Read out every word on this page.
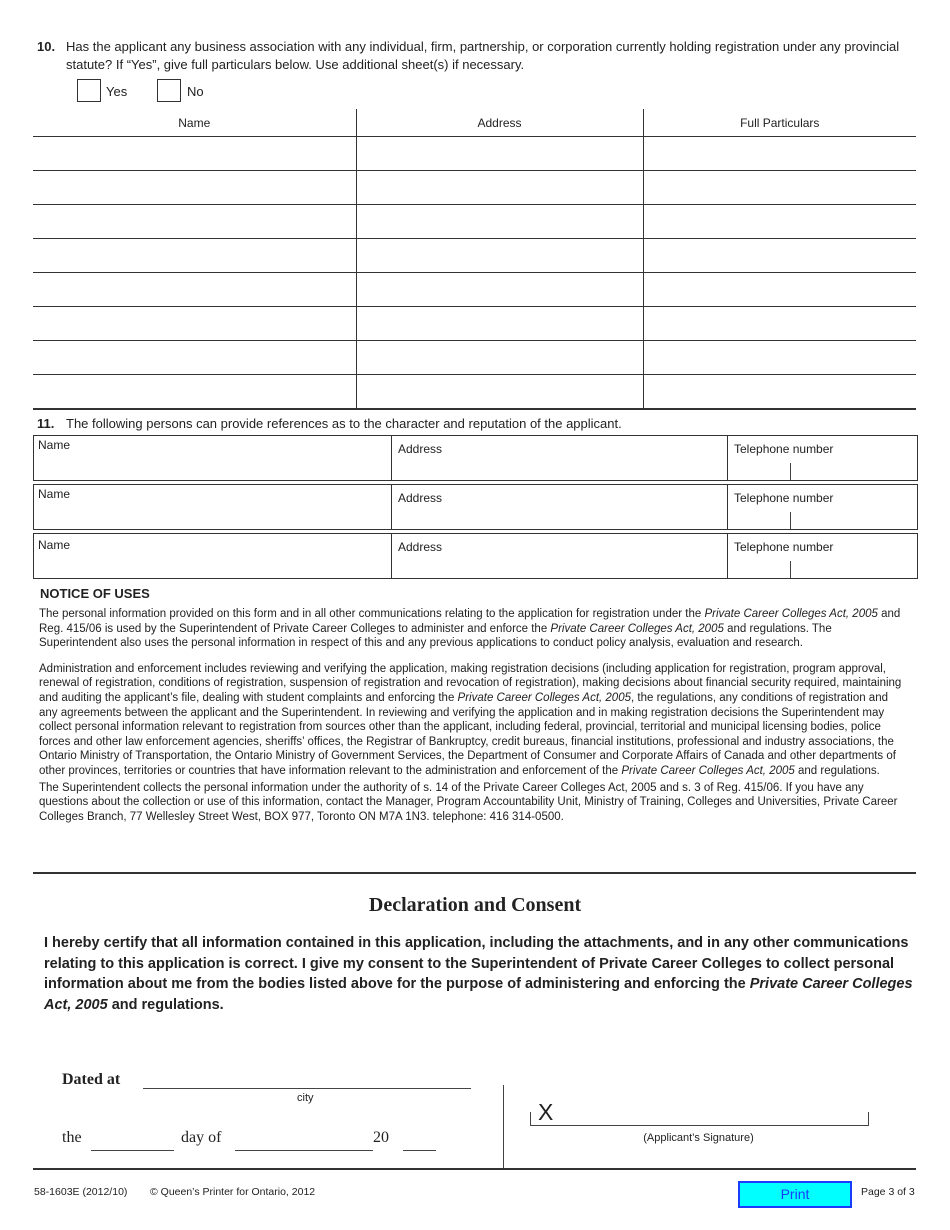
10. Has the applicant any business association with any individual, firm, partnership, or corporation currently holding registration under any provincial statute? If “Yes”, give full particulars below. Use additional sheet(s) if necessary.
Yes	No
Name	Address	Full Particulars

11. The following persons can provide references as to the character and reputation of the applicant.
Name	Address	Telephone number
Name	Address	Telephone number
Name	Address	Telephone number
NOTICE OF USES

The personal information provided on this form and in all other communications relating to the application for registration under the Private Career Colleges Act, 2005 and Reg. 415/06 is used by the Superintendent of Private Career Colleges to administer and enforce the Private Career Colleges Act, 2005 and regulations. The Superintendent also uses the personal information in respect of this and any previous applications to conduct policy analysis, evaluation and research.

Administration and enforcement includes reviewing and verifying the application, making registration decisions (including application for registration, program approval, renewal of registration, conditions of registration, suspension of registration and revocation of registration), making decisions about financial security required, maintaining and auditing the applicant’s file, dealing with student complaints and enforcing the Private Career Colleges Act, 2005, the regulations, any conditions of registration and any agreements between the applicant and the Superintendent. In reviewing and verifying the application and in making registration decisions the Superintendent may collect personal information relevant to registration from sources other than the applicant, including federal, provincial, territorial and municipal licensing bodies, police forces and other law enforcement agencies, sheriffs’ offices, the Registrar of Bankruptcy, credit bureaus, financial institutions, professional and industry associations, the Ontario Ministry of Transportation, the Ontario Ministry of Government Services, the Department of Consumer and Corporate Affairs of Canada and other departments of other provinces, territories or countries that have information relevant to the administration and enforcement of the Private Career Colleges Act, 2005 and regulations.

The Superintendent collects the personal information under the authority of s. 14 of the Private Career Colleges Act, 2005 and s. 3 of Reg. 415/06. If you have any questions about the collection or use of this information, contact the Manager, Program Accountability Unit, Ministry of Training, Colleges and Universities, Private Career Colleges Branch, 77 Wellesley Street West, BOX 977, Toronto ON M7A 1N3. telephone: 416 314-0500.

Declaration and Consent
I hereby certify that all information contained in this application, including the attachments, and in any other communications relating to this application is correct. I give my consent to the Superintendent of Private Career Colleges to collect personal information about me from the bodies listed above for the purpose of administering and enforcing the Private Career Colleges Act, 2005 and regulations.
Dated at
city
the	day of	20
X
(Applicant’s Signature)
58-1603E (2012/10) © Queen’s Printer for Ontario, 2012	Print	Page 3 of 3
